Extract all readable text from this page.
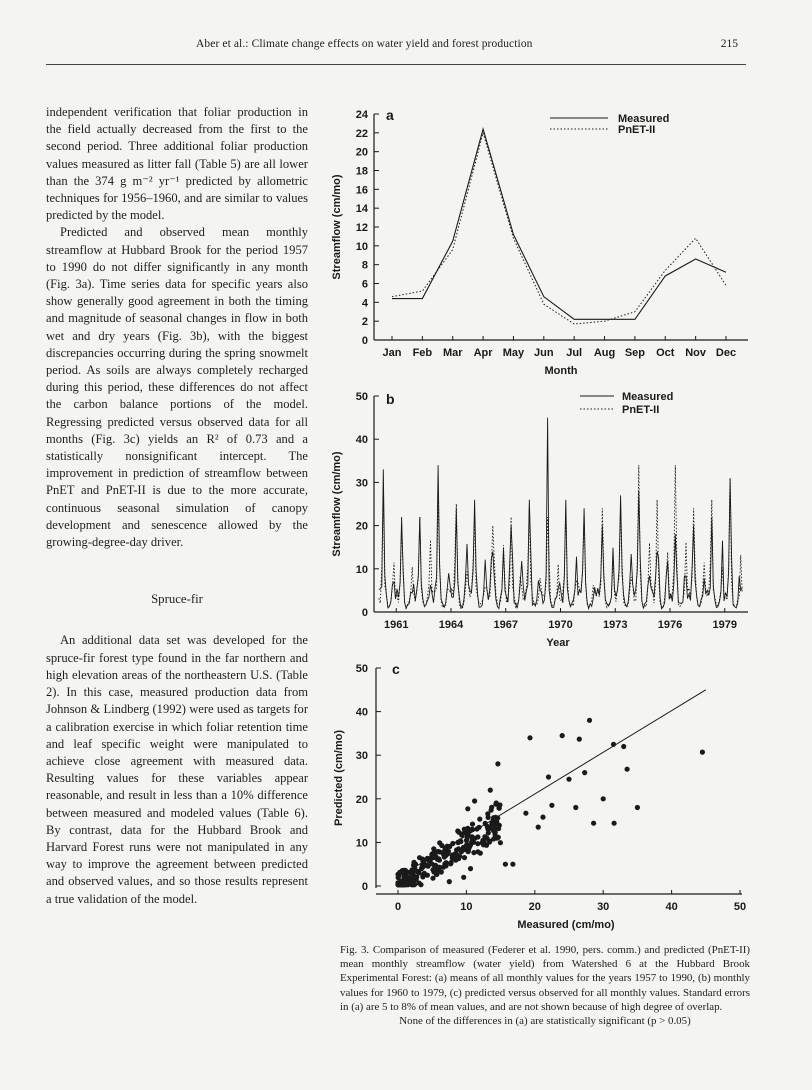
Aber et al.: Climate change effects on water yield and forest production	215

independent verification that foliar production in the field actually decreased from the first to the second period. Three additional foliar production values measured as litter fall (Table 5) are all lower than the 374 g m⁻² yr⁻¹ predicted by allometric techniques for 1956–1960, and are similar to values predicted by the model.

Predicted and observed mean monthly streamflow at Hubbard Brook for the period 1957 to 1990 do not differ significantly in any month (Fig. 3a). Time series data for specific years also show generally good agreement in both the timing and magnitude of seasonal changes in flow in both wet and dry years (Fig. 3b), with the biggest discrepancies occurring during the spring snowmelt period. As soils are always completely recharged during this period, these differences do not affect the carbon balance portions of the model. Regressing predicted versus observed data for all months (Fig. 3c) yields an R² of 0.73 and a statistically nonsignificant intercept. The improvement in prediction of streamflow between PnET and PnET-II is due to the more accurate, continuous seasonal simulation of canopy development and senescence allowed by the growing-degree-day driver.

Spruce-fir

An additional data set was developed for the spruce-fir forest type found in the far northern and high elevation areas of the northeastern U.S. (Table 2). In this case, measured production data from Johnson & Lindberg (1992) were used as targets for a calibration exercise in which foliar retention time and leaf specific weight were manipulated to achieve close agreement with measured data. Resulting values for these variables appear reasonable, and result in less than a 10% difference between measured and modeled values (Table 6). By contrast, data for the Hubbard Brook and Harvard Forest runs were not manipulated in any way to improve the agreement between predicted and observed values, and so those results represent a true validation of the model.

0
2
4
6
8
10
12
14
16
18
20
22
24
Jan Feb Mar Apr May Jun Jul Aug Sep Oct Nov Dec
a
Month
Streamflow (cm/mo)
Measured
PnET-II
0
10
20
30
40
50
1961	1964	1967	1970	1973	1976	1979
b
Year
Streamflow (cm/mo)
Measured
PnET-II
0
10
20
30
40
50
0	10	20	30	40	50
c
Measured (cm/mo)
Predicted (cm/mo)
Fig. 3. Comparison of measured (Federer et al. 1990, pers. comm.) and predicted (PnET-II) mean monthly streamflow (water yield) from Watershed 6 at the Hubbard Brook Experimental Forest: (a) means of all monthly values for the years 1957 to 1990, (b) monthly values for 1960 to 1979, (c) predicted versus observed for all monthly values. Standard errors in (a) are 5 to 8% of mean values, and are not shown because of high degree of overlap.
None of the differences in (a) are statistically significant (p > 0.05)
